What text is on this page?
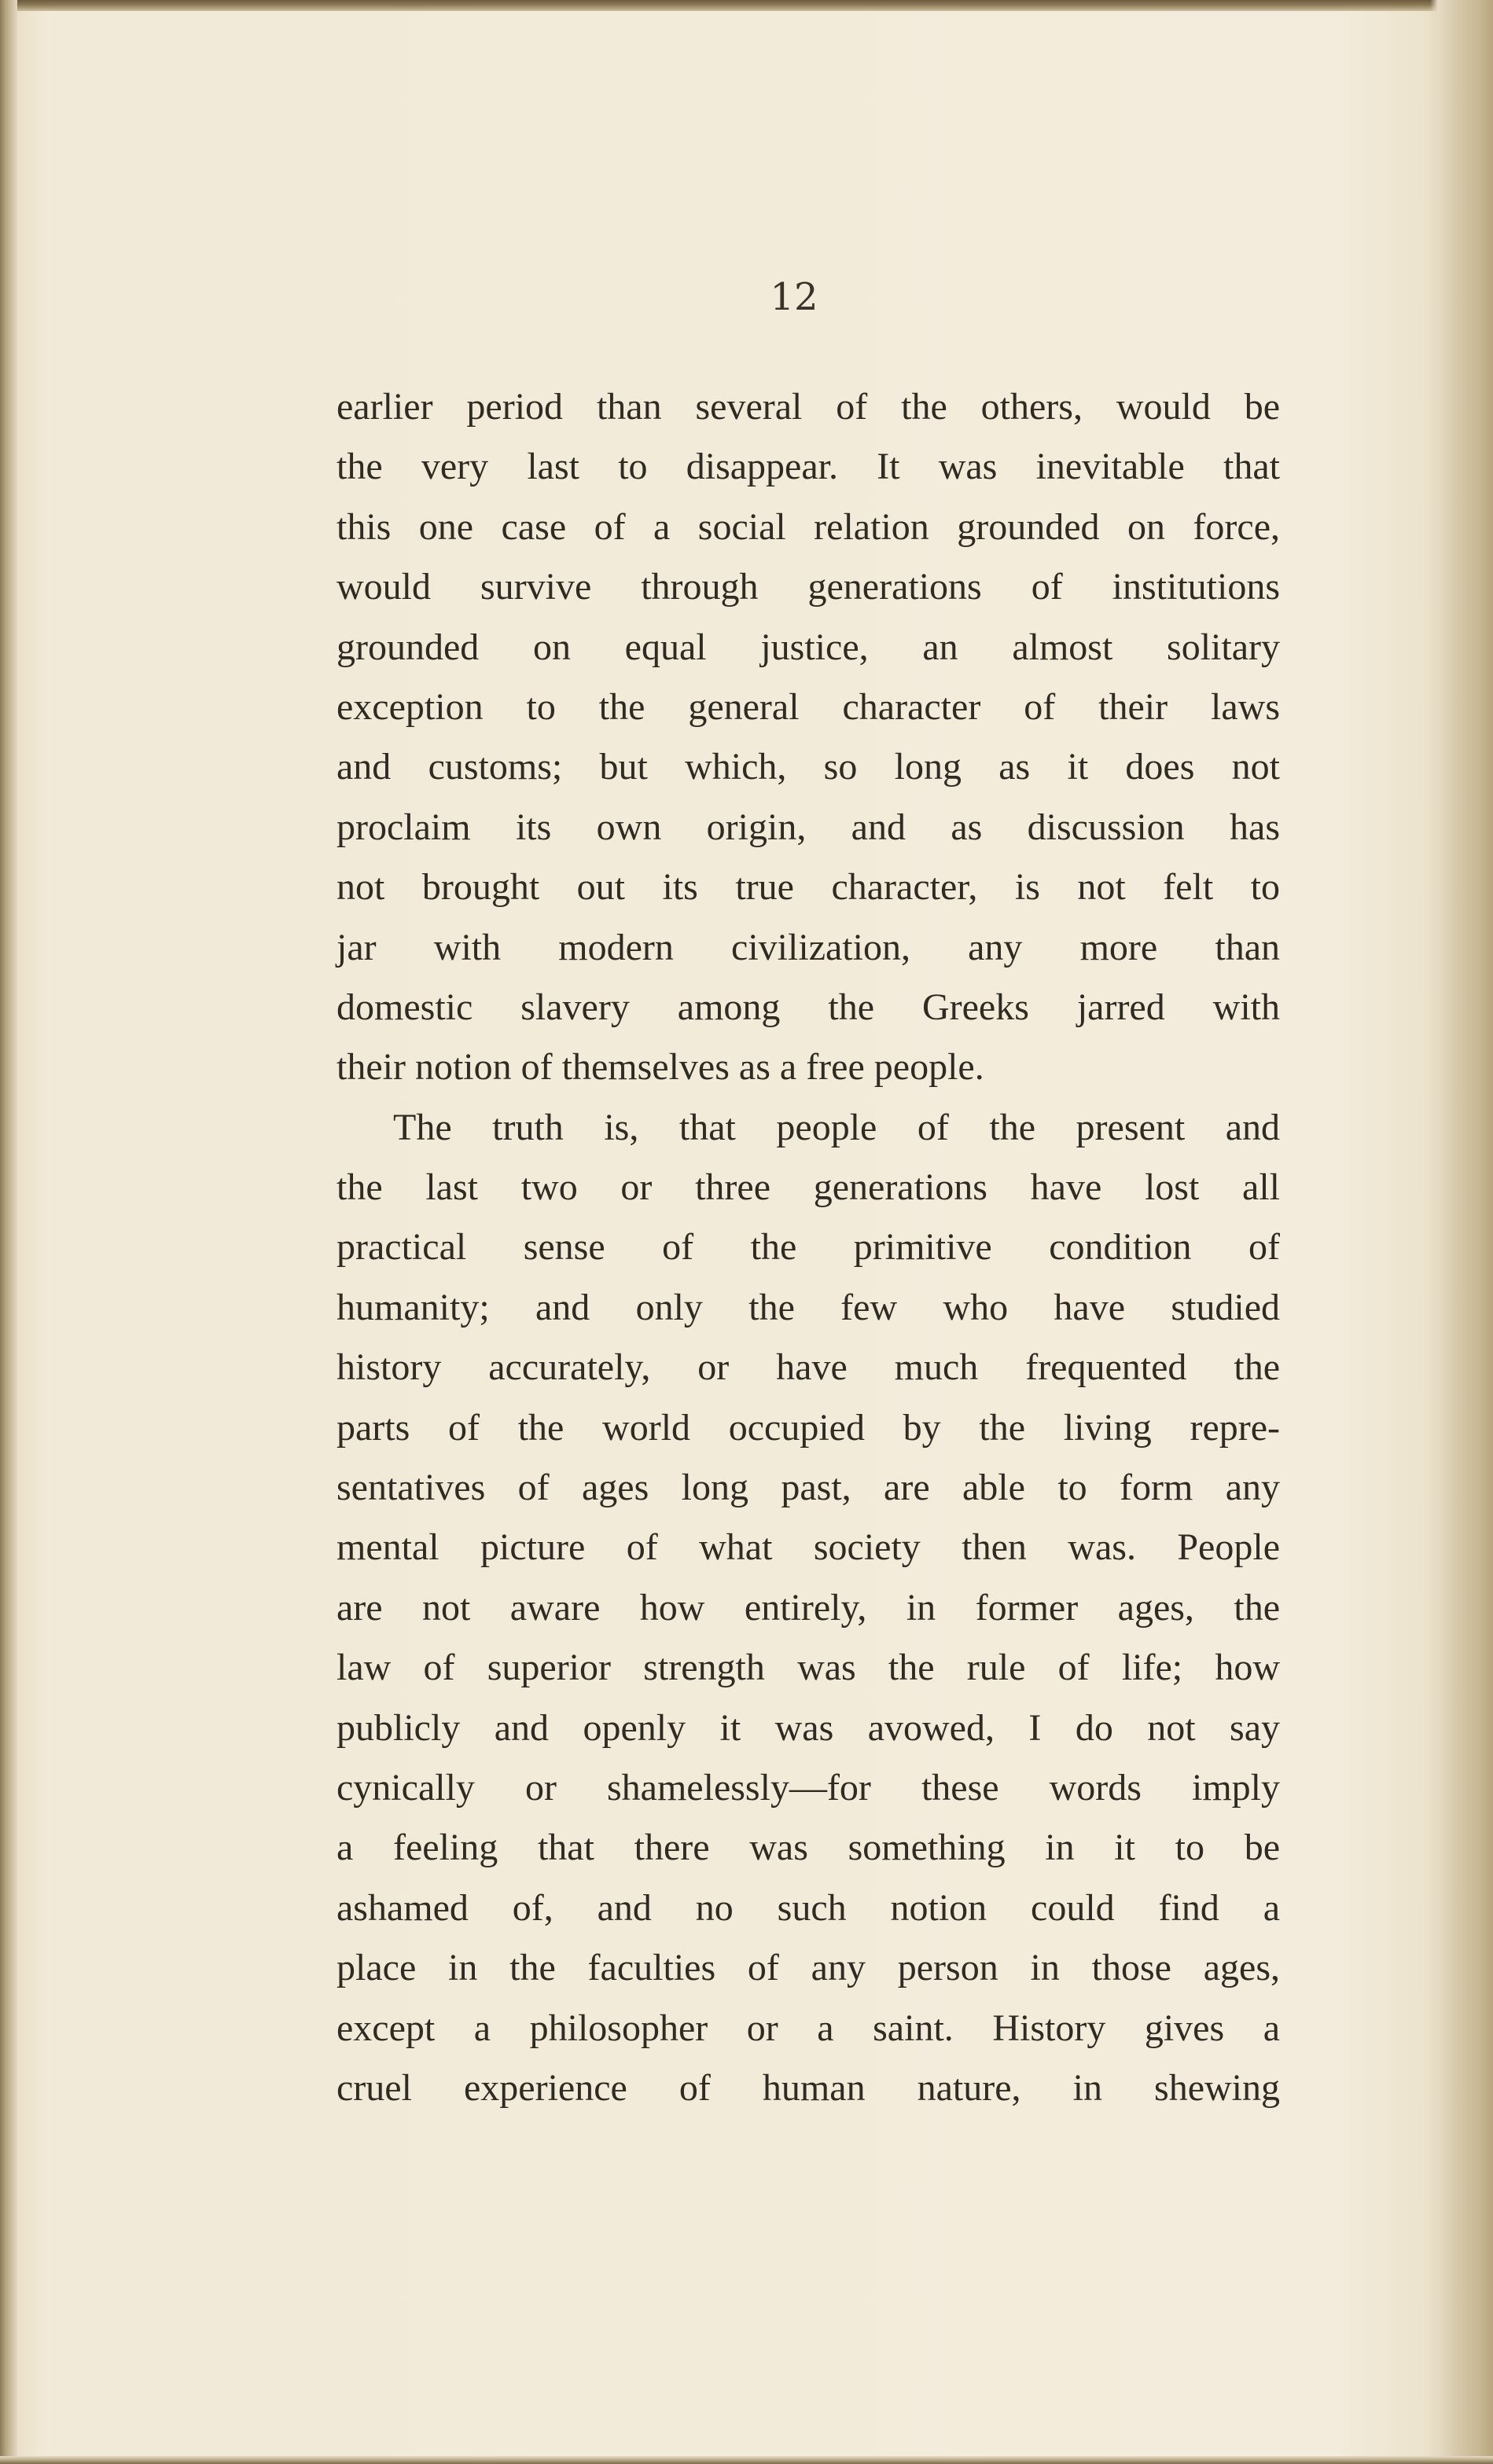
12
earlier period than several of the others, would be
the very last to disappear. It was inevitable that
this one case of a social relation grounded on force,
would survive through generations of institutions
grounded on equal justice, an almost solitary
exception to the general character of their laws
and customs; but which, so long as it does not
proclaim its own origin, and as discussion has
not brought out its true character, is not felt to
jar with modern civilization, any more than
domestic slavery among the Greeks jarred with
their notion of themselves as a free people.
The truth is, that people of the present and
the last two or three generations have lost all
practical sense of the primitive condition of
humanity; and only the few who have studied
history accurately, or have much frequented the
parts of the world occupied by the living repre-
sentatives of ages long past, are able to form any
mental picture of what society then was. People
are not aware how entirely, in former ages, the
law of superior strength was the rule of life; how
publicly and openly it was avowed, I do not say
cynically or shamelessly—for these words imply
a feeling that there was something in it to be
ashamed of, and no such notion could find a
place in the faculties of any person in those ages,
except a philosopher or a saint. History gives a
cruel experience of human nature, in shewing
